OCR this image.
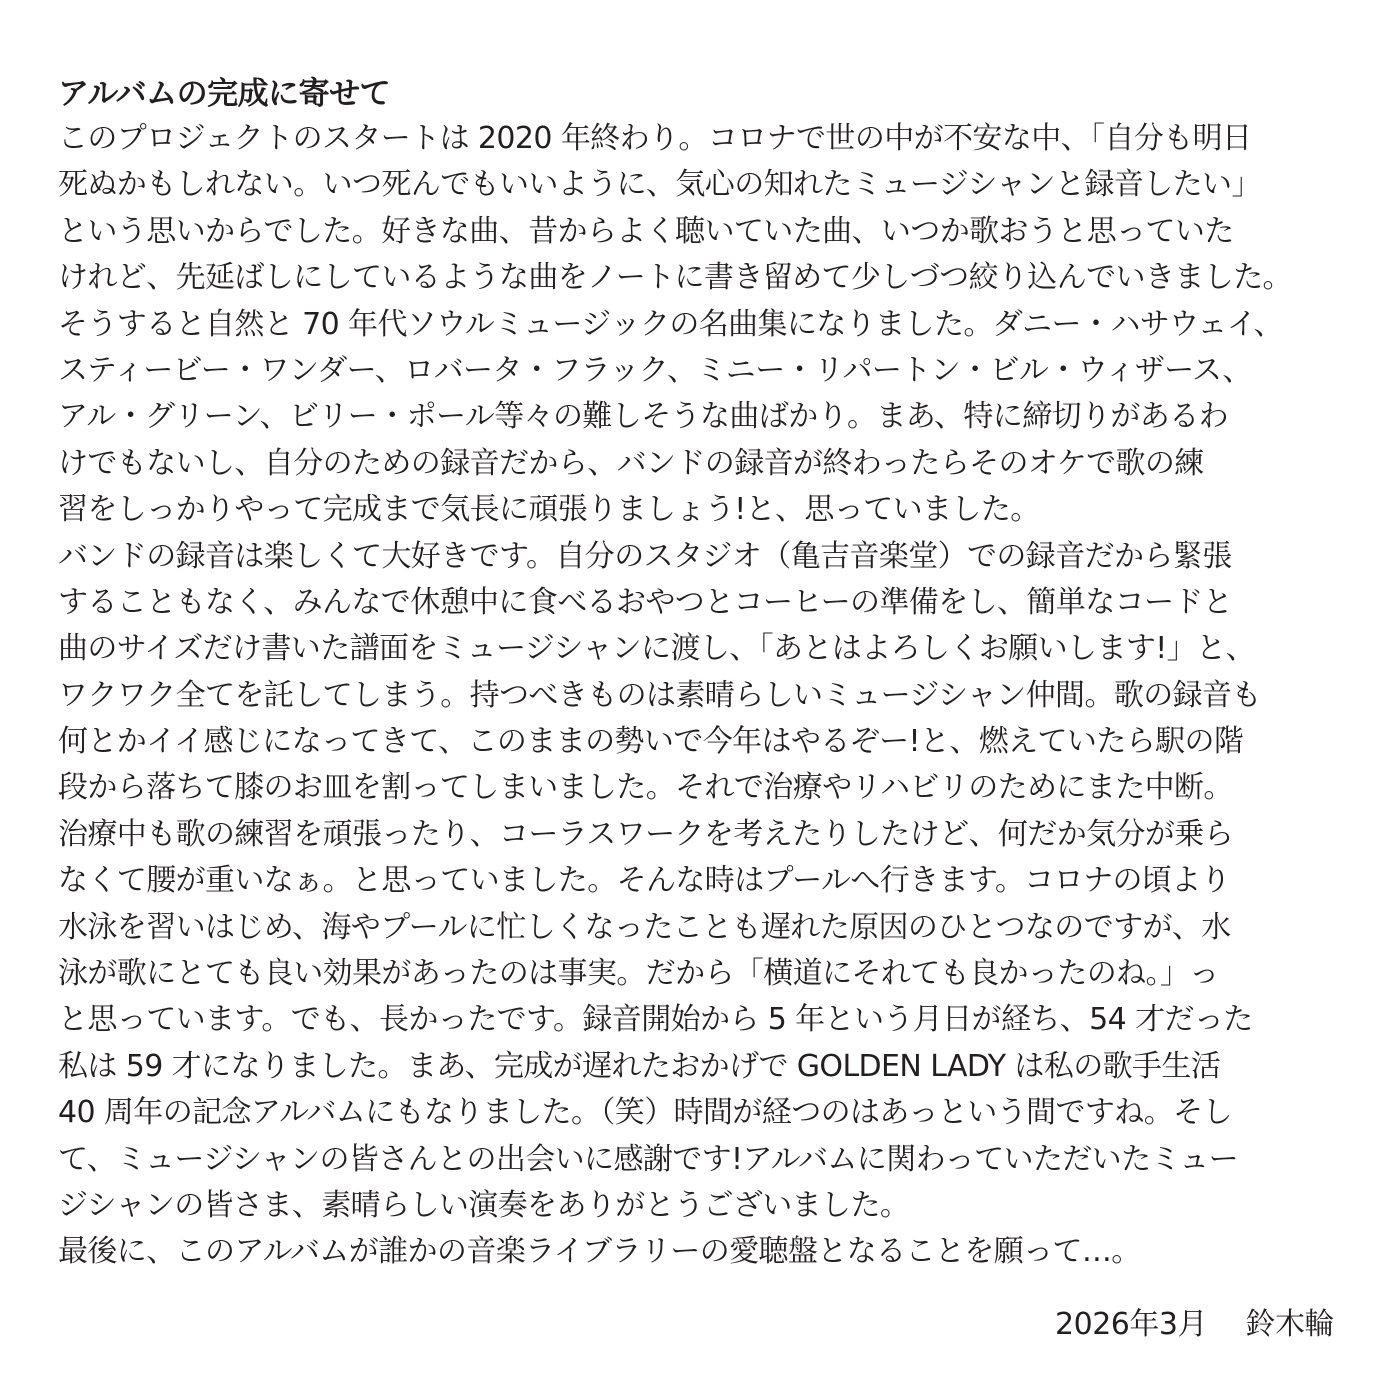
アルバムの完成に寄せて
このプロジェクトのスタートは 2020 年終わり。コロナで世の中が不安な中、「自分も明日
死ぬかもしれない。いつ死んでもいいように、気心の知れたミュージシャンと録音したい」
という思いからでした。好きな曲、昔からよく聴いていた曲、いつか歌おうと思っていた
けれど、先延ばしにしているような曲をノートに書き留めて少しづつ絞り込んでいきました。
そうすると自然と 70 年代ソウルミュージックの名曲集になりました。ダニー・ハサウェイ、
スティービー・ワンダー、ロバータ・フラック、ミニー・リパートン・ビル・ウィザース、
アル・グリーン、ビリー・ポール等々の難しそうな曲ばかり。まあ、特に締切りがあるわ
けでもないし、自分のための録音だから、バンドの録音が終わったらそのオケで歌の練
習をしっかりやって完成まで気長に頑張りましょう!と、思っていました。
バンドの録音は楽しくて大好きです。自分のスタジオ（亀吉音楽堂）での録音だから緊張
することもなく、みんなで休憩中に食べるおやつとコーヒーの準備をし、簡単なコードと
曲のサイズだけ書いた譜面をミュージシャンに渡し、「あとはよろしくお願いします!」と、
ワクワク全てを託してしまう。持つべきものは素晴らしいミュージシャン仲間。歌の録音も
何とかイイ感じになってきて、このままの勢いで今年はやるぞー!と、燃えていたら駅の階
段から落ちて膝のお皿を割ってしまいました。それで治療やリハビリのためにまた中断。
治療中も歌の練習を頑張ったり、コーラスワークを考えたりしたけど、何だか気分が乗ら
なくて腰が重いなぁ。と思っていました。そんな時はプールへ行きます。コロナの頃より
水泳を習いはじめ、海やプールに忙しくなったことも遅れた原因のひとつなのですが、水
泳が歌にとても良い効果があったのは事実。だから「横道にそれても良かったのね。」っ
と思っています。でも、長かったです。録音開始から 5 年という月日が経ち、54 才だった
私は 59 才になりました。まあ、完成が遅れたおかげで GOLDEN LADY は私の歌手生活
40 周年の記念アルバムにもなりました。（笑）時間が経つのはあっという間ですね。そし
て、ミュージシャンの皆さんとの出会いに感謝です!アルバムに関わっていただいたミュー
ジシャンの皆さま、素晴らしい演奏をありがとうございました。
最後に、このアルバムが誰かの音楽ライブラリーの愛聴盤となることを願って…。
2026年3月　 鈴木輪
